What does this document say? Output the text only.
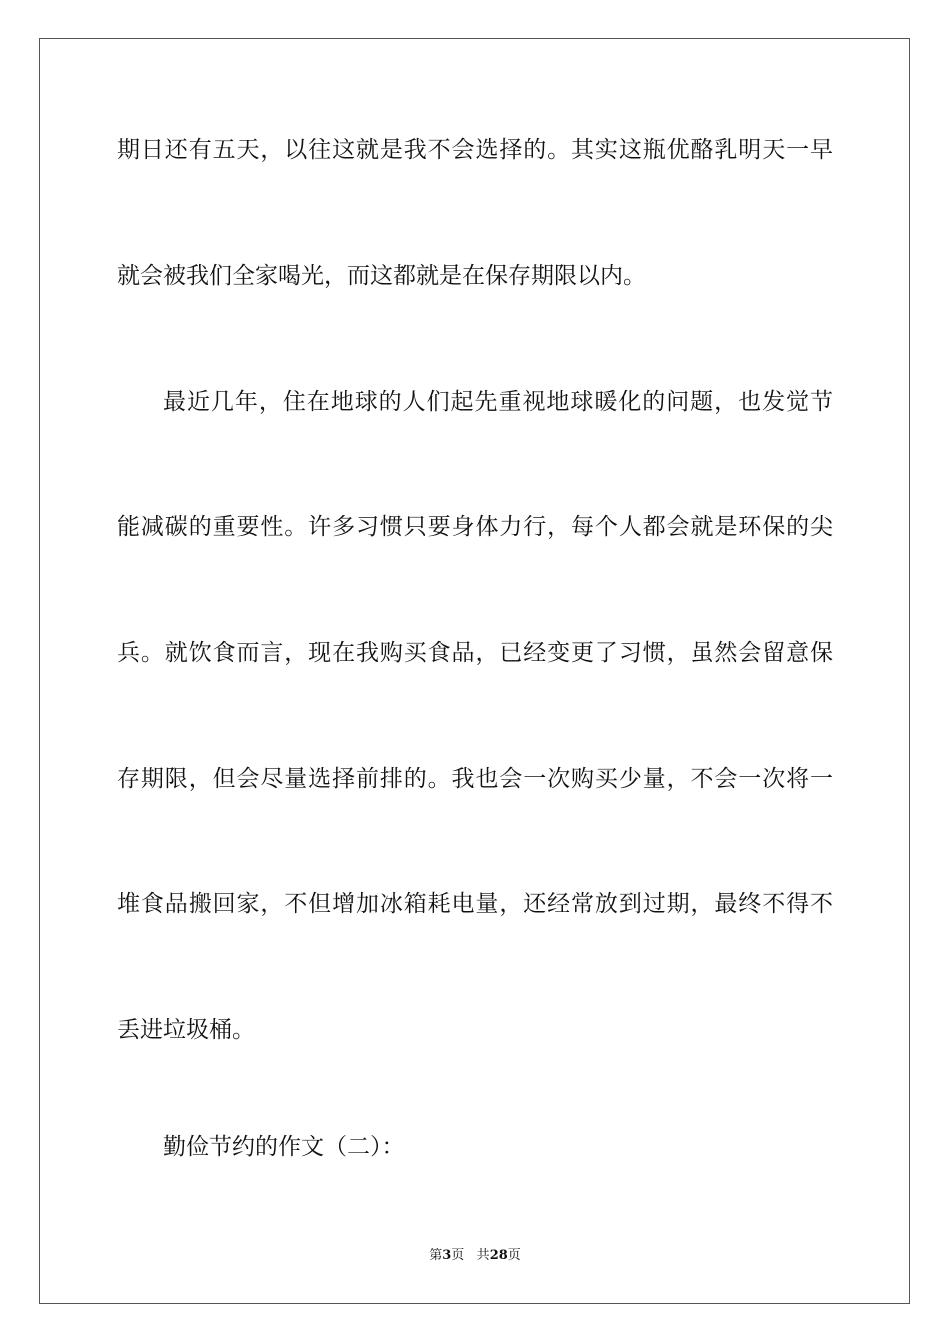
期日还有五天，以往这就是我不会选择的。其实这瓶优酪乳明天一早

就会被我们全家喝光，而这都就是在保存期限以内。

最近几年，住在地球的人们起先重视地球暖化的问题，也发觉节

能减碳的重要性。许多习惯只要身体力行，每个人都会就是环保的尖

兵。就饮食而言，现在我购买食品，已经变更了习惯，虽然会留意保

存期限，但会尽量选择前排的。我也会一次购买少量，不会一次将一

堆食品搬回家，不但增加冰箱耗电量，还经常放到过期，最终不得不

丢进垃圾桶。

勤俭节约的作文（二）：

第3页 共28页
